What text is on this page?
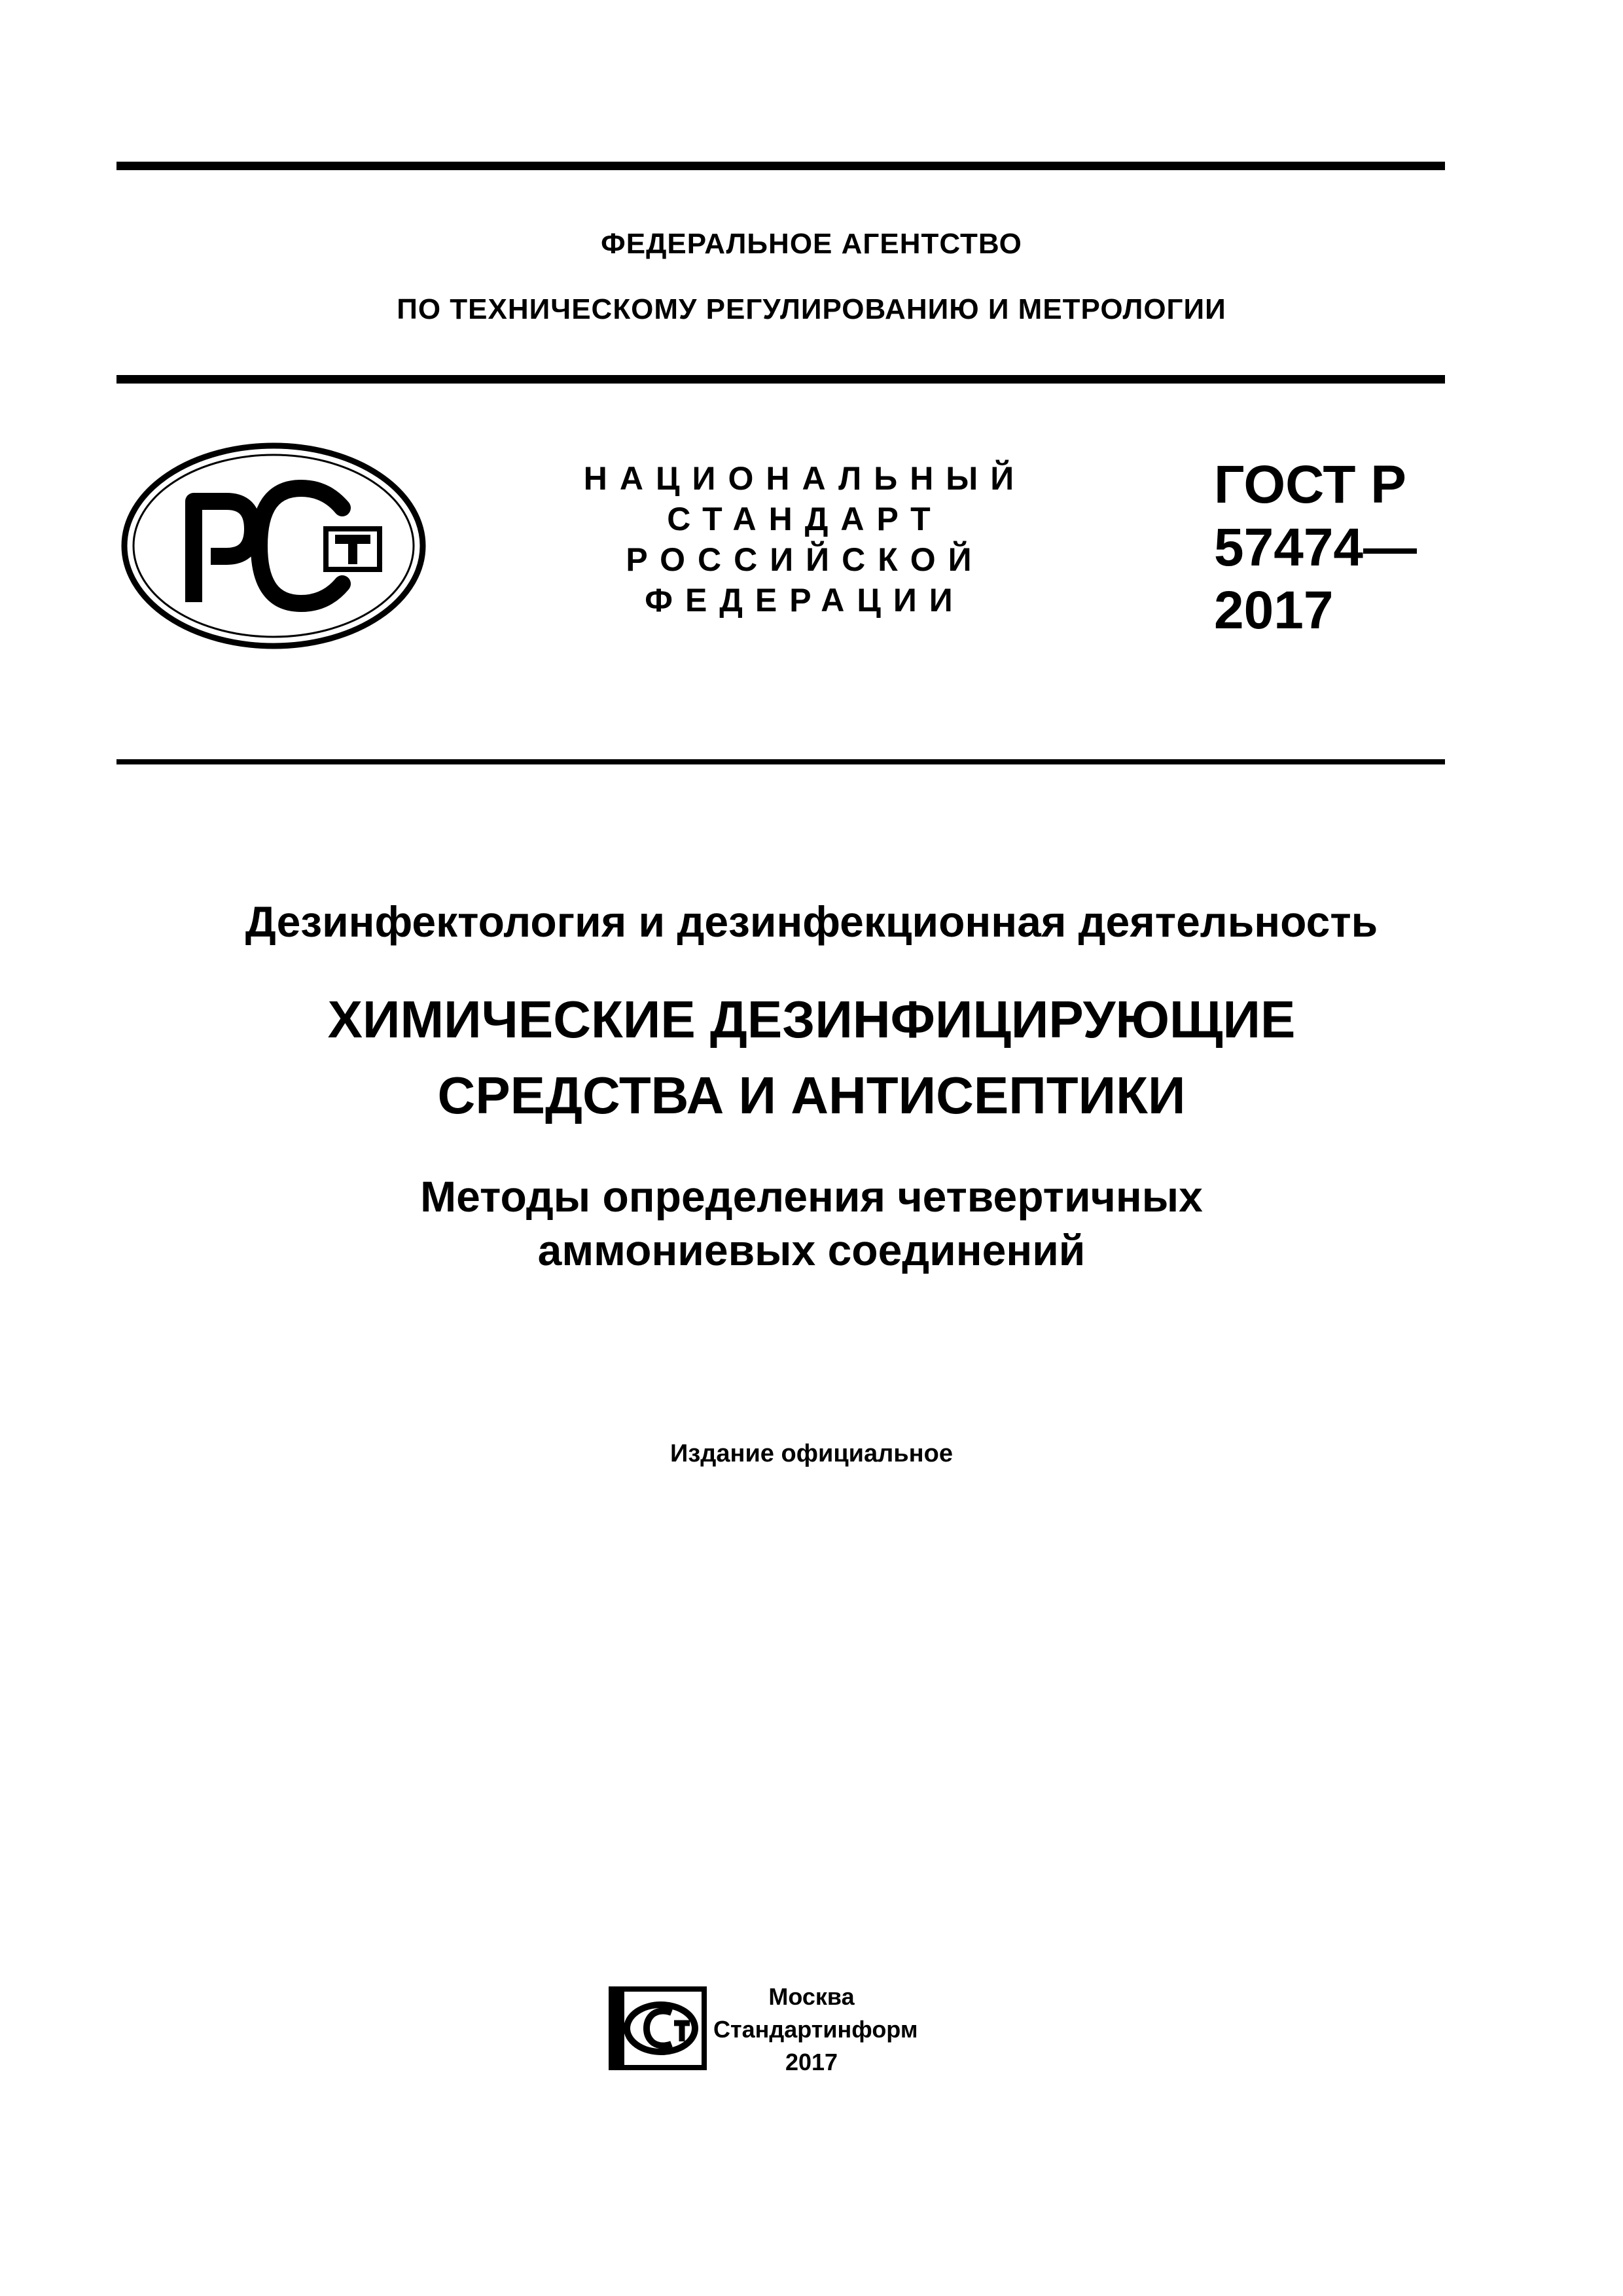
ФЕДЕРАЛЬНОЕ АГЕНТСТВО
ПО ТЕХНИЧЕСКОМУ РЕГУЛИРОВАНИЮ И МЕТРОЛОГИИ
НАЦИОНАЛЬНЫЙ
СТАНДАРТ
РОССИЙСКОЙ
ФЕДЕРАЦИИ
ГОСТ Р
57474—
2017
Дезинфектология и дезинфекционная деятельность
ХИМИЧЕСКИЕ ДЕЗИНФИЦИРУЮЩИЕ
СРЕДСТВА И АНТИСЕПТИКИ
Методы определения четвертичных
аммониевых соединений
Издание официальное
Москва
Стандартинформ
2017
